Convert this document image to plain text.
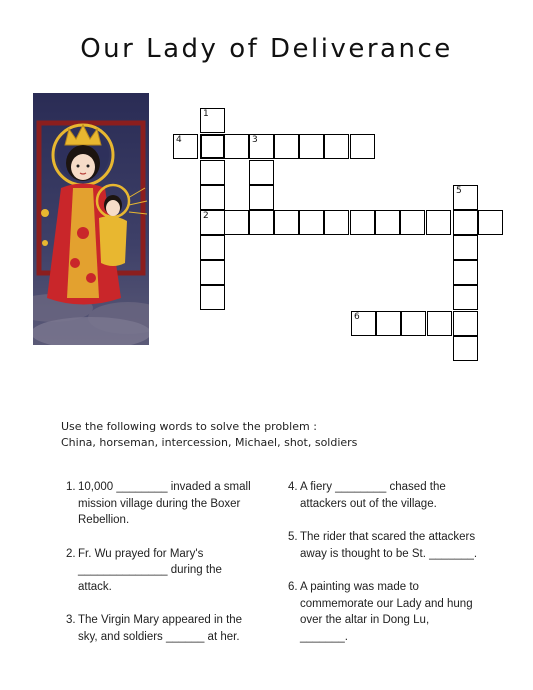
Our Lady of Deliverance
1
2
4	3
5
6
Use the following words to solve the problem :
China, horseman, intercession, Michael, shot, soldiers
1. 10,000 ________ invaded a small mission village during the Boxer Rebellion.
2. Fr. Wu prayed for Mary's ______________ during the attack.
3. The Virgin Mary appeared in the sky, and soldiers ______ at her.
4. A fiery ________ chased the attackers out of the village.
5. The rider that scared the attackers away is thought to be St. _______.
6. A painting was made to commemorate our Lady and hung over the altar in Dong Lu, _______.
